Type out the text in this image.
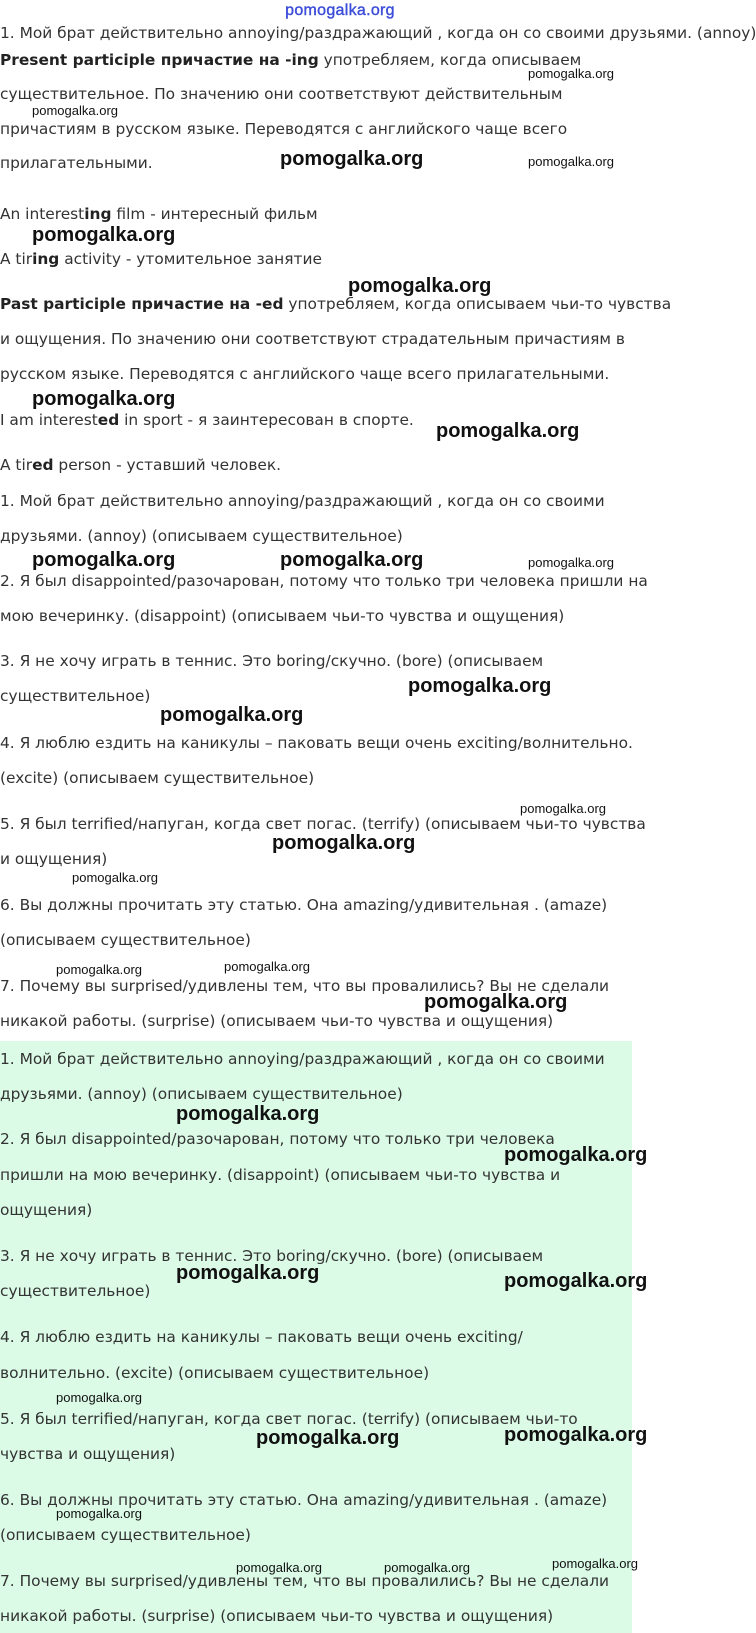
pomogalka.org
1. Мой брат действительно annoying/раздражающий , когда он со своими друзьями. (annoy)
Present participle причастие на -ing употребляем, когда описываем
существительное. По значению они соответствуют действительным
причастиям в русском языке. Переводятся с английского чаще всего
прилагательными.
An interesting film - интересный фильм
A tiring activity - утомительное занятие
Past participle причастие на -ed употребляем, когда описываем чьи-то чувства
и ощущения. По значению они соответствуют страдательным причастиям в
русском языке. Переводятся с английского чаще всего прилагательными.
I am interested in sport - я заинтересован в спорте.
A tired person - уставший человек.
1. Мой брат действительно annoying/раздражающий , когда он со своими
друзьями. (annoy) (описываем существительное)
2. Я был disappointed/разочарован, потому что только три человека пришли на
мою вечеринку. (disappoint) (описываем чьи-то чувства и ощущения)
3. Я не хочу играть в теннис. Это boring/скучно. (bore) (описываем
существительное)
4. Я люблю ездить на каникулы – паковать вещи очень exciting/волнительно.
(excite) (описываем существительное)
5. Я был terrified/напуган, когда свет погас. (terrify) (описываем чьи-то чувства
и ощущения)
6. Вы должны прочитать эту статью. Она amazing/удивительная . (amaze)
(описываем существительное)
7. Почему вы surprised/удивлены тем, что вы провалились? Вы не сделали
никакой работы. (surprise) (описываем чьи-то чувства и ощущения)
1. Мой брат действительно annoying/раздражающий , когда он со своими
друзьями. (annoy) (описываем существительное)
2. Я был disappointed/разочарован, потому что только три человека
пришли на мою вечеринку. (disappoint) (описываем чьи-то чувства и
ощущения)
3. Я не хочу играть в теннис. Это boring/скучно. (bore) (описываем
существительное)
4. Я люблю ездить на каникулы – паковать вещи очень exciting/
волнительно. (excite) (описываем существительное)
5. Я был terrified/напуган, когда свет погас. (terrify) (описываем чьи-то
чувства и ощущения)
6. Вы должны прочитать эту статью. Она amazing/удивительная . (amaze)
(описываем существительное)
7. Почему вы surprised/удивлены тем, что вы провалились? Вы не сделали
никакой работы. (surprise) (описываем чьи-то чувства и ощущения)
pomogalka.org
pomogalka.org
pomogalka.org	pomogalka.org
pomogalka.org
pomogalka.org
pomogalka.org
pomogalka.org
pomogalka.org	pomogalka.org	pomogalka.org
pomogalka.org
pomogalka.org
pomogalka.org
pomogalka.org
pomogalka.org
pomogalka.org	pomogalka.org
pomogalka.org
pomogalka.org
pomogalka.org
pomogalka.org	pomogalka.org
pomogalka.org
pomogalka.org	pomogalka.org
pomogalka.org
pomogalka.org	pomogalka.org	pomogalka.org
